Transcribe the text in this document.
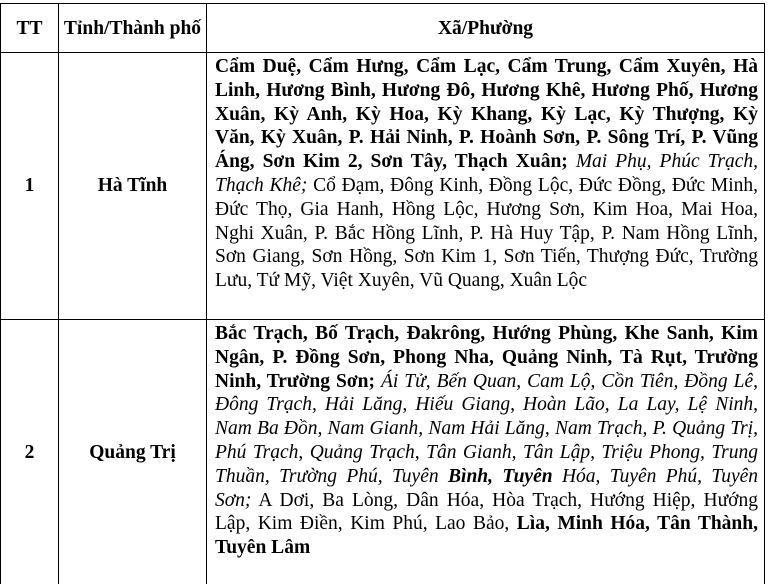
TT	Tỉnh/Thành phố	Xã/Phường
1	Hà Tĩnh	Cẩm Duệ, Cẩm Hưng, Cẩm Lạc, Cẩm Trung, Cẩm Xuyên, Hà Linh, Hương Bình, Hương Đô, Hương Khê, Hương Phố, Hương Xuân, Kỳ Anh, Kỳ Hoa, Kỳ Khang, Kỳ Lạc, Kỳ Thượng, Kỳ Văn, Kỳ Xuân, P. Hải Ninh, P. Hoành Sơn, P. Sông Trí, P. Vũng Áng, Sơn Kim 2, Sơn Tây, Thạch Xuân; Mai Phụ, Phúc Trạch, Thạch Khê; Cổ Đạm, Đông Kinh, Đồng Lộc, Đức Đồng, Đức Minh, Đức Thọ, Gia Hanh, Hồng Lộc, Hương Sơn, Kim Hoa, Mai Hoa, Nghi Xuân, P. Bắc Hồng Lĩnh, P. Hà Huy Tập, P. Nam Hồng Lĩnh, Sơn Giang, Sơn Hồng, Sơn Kim 1, Sơn Tiến, Thượng Đức, Trường Lưu, Tứ Mỹ, Việt Xuyên, Vũ Quang, Xuân Lộc
2	Quảng Trị	Bắc Trạch, Bố Trạch, Đakrông, Hướng Phùng, Khe Sanh, Kim Ngân, P. Đồng Sơn, Phong Nha, Quảng Ninh, Tà Rụt, Trường Ninh, Trường Sơn; Ái Tử, Bến Quan, Cam Lộ, Cồn Tiên, Đồng Lê, Đông Trạch, Hải Lăng, Hiếu Giang, Hoàn Lão, La Lay, Lệ Ninh, Nam Ba Đồn, Nam Gianh, Nam Hải Lăng, Nam Trạch, P. Quảng Trị, Phú Trạch, Quảng Trạch, Tân Gianh, Tân Lập, Triệu Phong, Trung Thuần, Trường Phú, Tuyên Bình, Tuyên Hóa, Tuyên Phú, Tuyên Sơn; A Dơi, Ba Lòng, Dân Hóa, Hòa Trạch, Hướng Hiệp, Hướng Lập, Kim Điền, Kim Phú, Lao Bảo, Lìa, Minh Hóa, Tân Thành, Tuyên Lâm
